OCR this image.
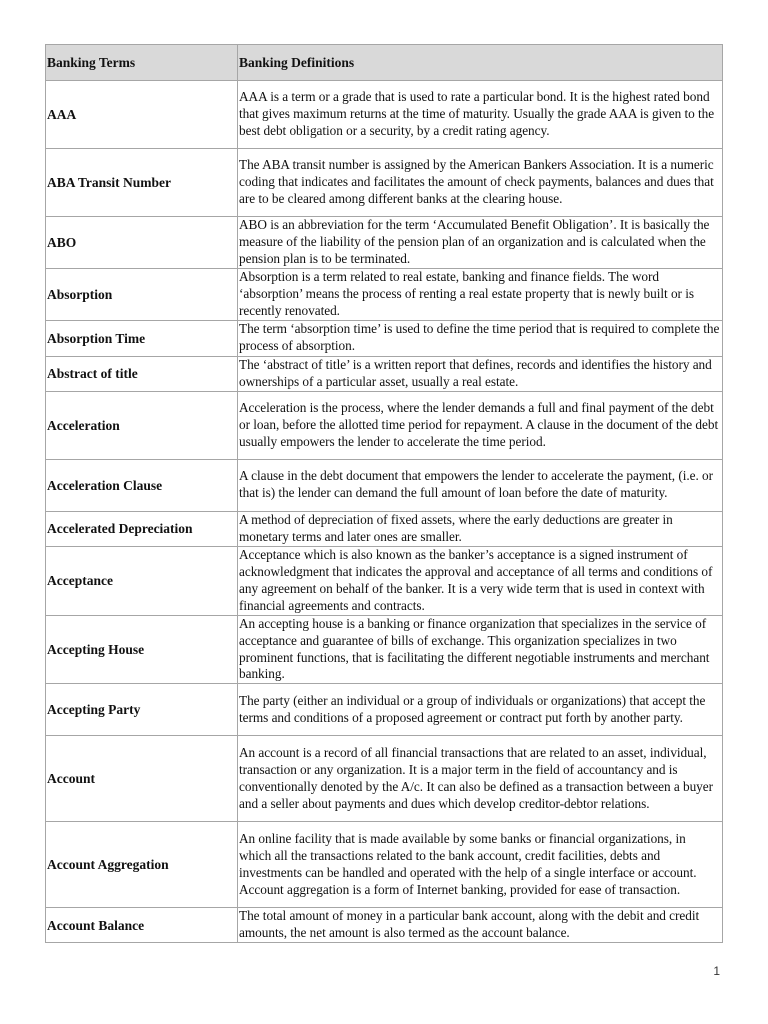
Banking Terms	Banking Definitions
AAA	AAA is a term or a grade that is used to rate a particular bond. It is the highest rated bond that gives maximum returns at the time of maturity. Usually the grade AAA is given to the best debt obligation or a security, by a credit rating agency.
ABA Transit Number	The ABA transit number is assigned by the American Bankers Association. It is a numeric coding that indicates and facilitates the amount of check payments, balances and dues that are to be cleared among different banks at the clearing house.
ABO	ABO is an abbreviation for the term ‘Accumulated Benefit Obligation’. It is basically the measure of the liability of the pension plan of an organization and is calculated when the pension plan is to be terminated.
Absorption	Absorption is a term related to real estate, banking and finance fields. The word ‘absorption’ means the process of renting a real estate property that is newly built or is recently renovated.
Absorption Time	The term ‘absorption time’ is used to define the time period that is required to complete the process of absorption.
Abstract of title	The ‘abstract of title’ is a written report that defines, records and identifies the history and ownerships of a particular asset, usually a real estate.
Acceleration	Acceleration is the process, where the lender demands a full and final payment of the debt or loan, before the allotted time period for repayment. A clause in the document of the debt usually empowers the lender to accelerate the time period.
Acceleration Clause	A clause in the debt document that empowers the lender to accelerate the payment, (i.e. or that is) the lender can demand the full amount of loan before the date of maturity.
Accelerated Depreciation	A method of depreciation of fixed assets, where the early deductions are greater in monetary terms and later ones are smaller.
Acceptance	Acceptance which is also known as the banker’s acceptance is a signed instrument of acknowledgment that indicates the approval and acceptance of all terms and conditions of any agreement on behalf of the banker. It is a very wide term that is used in context with financial agreements and contracts.
Accepting House	An accepting house is a banking or finance organization that specializes in the service of acceptance and guarantee of bills of exchange. This organization specializes in two prominent functions, that is facilitating the different negotiable instruments and merchant banking.
Accepting Party	The party (either an individual or a group of individuals or organizations) that accept the terms and conditions of a proposed agreement or contract put forth by another party.
Account	An account is a record of all financial transactions that are related to an asset, individual, transaction or any organization. It is a major term in the field of accountancy and is conventionally denoted by the A/c. It can also be defined as a transaction between a buyer and a seller about payments and dues which develop creditor-debtor relations.
Account Aggregation	An online facility that is made available by some banks or financial organizations, in which all the transactions related to the bank account, credit facilities, debts and investments can be handled and operated with the help of a single interface or account. Account aggregation is a form of Internet banking, provided for ease of transaction.
Account Balance	The total amount of money in a particular bank account, along with the debit and credit amounts, the net amount is also termed as the account balance.
1
